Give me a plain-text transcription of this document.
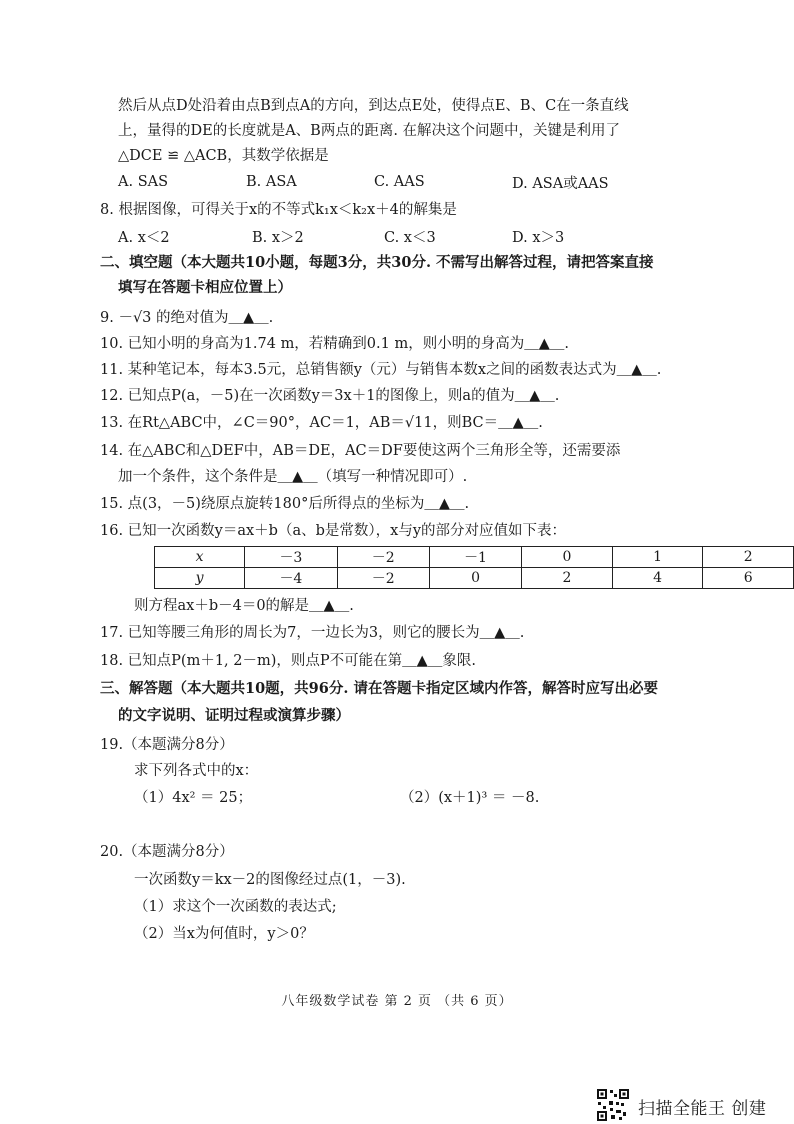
然后从点D处沿着由点B到点A的方向，到达点E处，使得点E、B、C在一条直线
上，量得的DE的长度就是A、B两点的距离. 在解决这个问题中，关键是利用了
△DCE ≌ △ACB，其数学依据是
A. SAS	B. ASA	C. AAS	D. ASA或AAS
8. 根据图像，可得关于x的不等式k₁x＜k₂x＋4的解集是
A. x＜2	B. x＞2	C. x＜3	D. x＞3
二、填空题（本大题共10小题，每题3分，共30分. 不需写出解答过程，请把答案直接
填写在答题卡相应位置上）
9. －√3 的绝对值为＿▲＿.
10. 已知小明的身高为1.74 m，若精确到0.1 m，则小明的身高为＿▲＿.
11. 某种笔记本，每本3.5元，总销售额y（元）与销售本数x之间的函数表达式为＿▲＿.
12. 已知点P(a，－5)在一次函数y＝3x＋1的图像上，则a的值为＿▲＿.
13. 在Rt△ABC中，∠C＝90°，AC＝1，AB＝√11，则BC＝＿▲＿.
14. 在△ABC和△DEF中，AB＝DE，AC＝DF要使这两个三角形全等，还需要添
加一个条件，这个条件是＿▲＿（填写一种情况即可）.
15. 点(3，－5)绕原点旋转180°后所得点的坐标为＿▲＿.
16. 已知一次函数y＝ax＋b（a、b是常数），x与y的部分对应值如下表：
x	－3	－2	－1	0	1	2
y	－4	－2	0	2	4	6
则方程ax＋b－4＝0的解是＿▲＿.
17. 已知等腰三角形的周长为7，一边长为3，则它的腰长为＿▲＿.
18. 已知点P(m＋1, 2－m)，则点P不可能在第＿▲＿象限.
三、解答题（本大题共10题，共96分. 请在答题卡指定区域内作答，解答时应写出必要
的文字说明、证明过程或演算步骤）
19.（本题满分8分）
求下列各式中的x：
（1）4x² ＝ 25；	（2）(x＋1)³ ＝ －8.
20.（本题满分8分）
一次函数y＝kx－2的图像经过点(1，－3).
（1）求这个一次函数的表达式;
（2）当x为何值时，y＞0？
八年级数学试卷 第 2 页 （共 6 页）
扫描全能王 创建
